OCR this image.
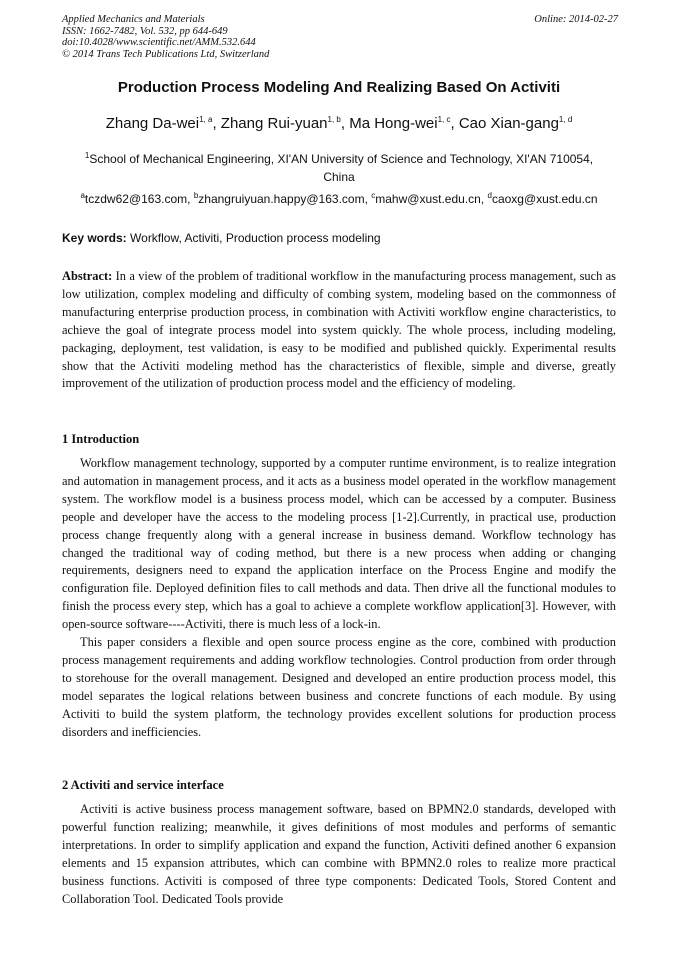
Applied Mechanics and Materials
ISSN: 1662-7482, Vol. 532, pp 644-649
doi:10.4028/www.scientific.net/AMM.532.644
© 2014 Trans Tech Publications Ltd, Switzerland
Online: 2014-02-27
Production Process Modeling And Realizing Based On Activiti
Zhang Da-wei$^{1, a}$, Zhang Rui-yuan$^{1, b}$, Ma Hong-wei$^{1, c}$, Cao Xian-gang$^{1, d}$
$^1$School of Mechanical Engineering, XI'AN University of Science and Technology, XI'AN 710054,
China
$^a$tczdw62@163.com, $^b$zhangruiyuan.happy@163.com, $^c$mahw@xust.edu.cn, $^d$caoxg@xust.edu.cn
Key words: Workflow, Activiti, Production process modeling
Abstract: In a view of the problem of traditional workflow in the manufacturing process management, such as low utilization, complex modeling and difficulty of combing system, modeling based on the commonness of manufacturing enterprise production process, in combination with Activiti workflow engine characteristics, to achieve the goal of integrate process model into system quickly. The whole process, including modeling, packaging, deployment, test validation, is easy to be modified and published quickly. Experimental results show that the Activiti modeling method has the characteristics of flexible, simple and diverse, greatly improvement of the utilization of production process model and the efficiency of modeling.
1 Introduction

Workflow management technology, supported by a computer runtime environment, is to realize integration and automation in management process, and it acts as a business model operated in the workflow management system. The workflow model is a business process model, which can be accessed by a computer. Business people and developer have the access to the modeling process [1-2].Currently, in practical use, production process change frequently along with a general increase in business demand. Workflow technology has changed the traditional way of coding method, but there is a new process when adding or changing requirements, designers need to expand the application interface on the Process Engine and modify the configuration file. Deployed definition files to call methods and data. Then drive all the functional modules to finish the process every step, which has a goal to achieve a complete workflow application[3]. However, with open-source software----Activiti, there is much less of a lock-in.

This paper considers a flexible and open source process engine as the core, combined with production process management requirements and adding workflow technologies. Control production from order through to storehouse for the overall management. Designed and developed an entire production process model, this model separates the logical relations between business and concrete functions of each module. By using Activiti to build the system platform, the technology provides excellent solutions for production process disorders and inefficiencies.

2 Activiti and service interface

Activiti is active business process management software, based on BPMN2.0 standards, developed with powerful function realizing; meanwhile, it gives definitions of most modules and performs of semantic interpretations. In order to simplify application and expand the function, Activiti defined another 6 expansion elements and 15 expansion attributes, which can combine with BPMN2.0 roles to realize more practical business functions. Activiti is composed of three type components: Dedicated Tools, Stored Content and Collaboration Tool. Dedicated Tools provide
